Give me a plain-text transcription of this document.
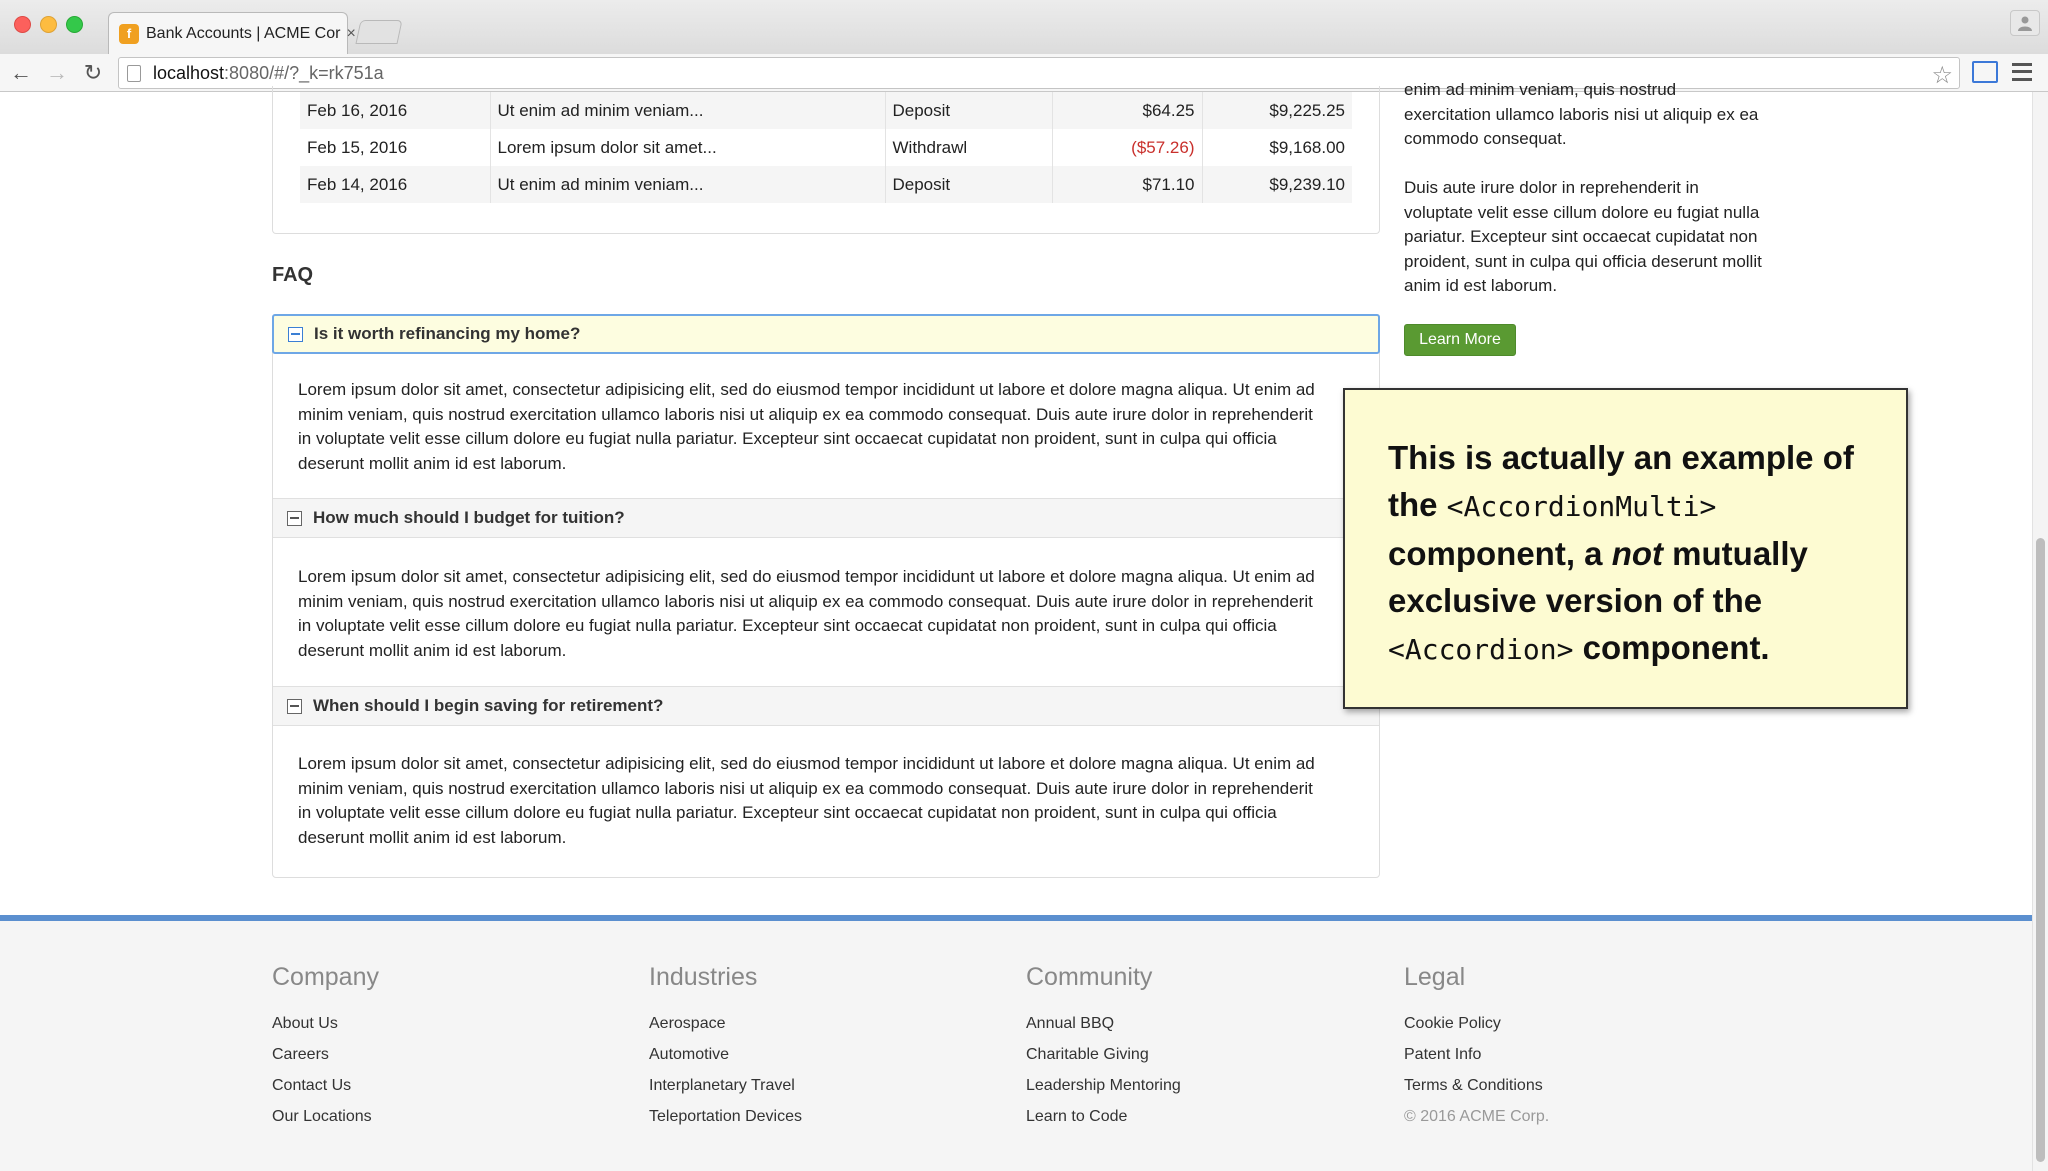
f Bank Accounts | ACME Cor ×
← → ↻	localhost :8080/#/?_k=rk751a	☆
Feb 16, 2016	Ut enim ad minim veniam...	Deposit	$64.25	$9,225.25
Feb 15, 2016	Lorem ipsum dolor sit amet...	Withdrawl	($57.26)	$9,168.00
Feb 14, 2016	Ut enim ad minim veniam...	Deposit	$71.10	$9,239.10
FAQ
Is it worth refinancing my home?
Lorem ipsum dolor sit amet, consectetur adipisicing elit, sed do eiusmod tempor incididunt ut labore et dolore magna aliqua. Ut enim ad minim veniam, quis nostrud exercitation ullamco laboris nisi ut aliquip ex ea commodo consequat. Duis aute irure dolor in reprehenderit in voluptate velit esse cillum dolore eu fugiat nulla pariatur. Excepteur sint occaecat cupidatat non proident, sunt in culpa qui officia deserunt mollit anim id est laborum.
How much should I budget for tuition?
Lorem ipsum dolor sit amet, consectetur adipisicing elit, sed do eiusmod tempor incididunt ut labore et dolore magna aliqua. Ut enim ad minim veniam, quis nostrud exercitation ullamco laboris nisi ut aliquip ex ea commodo consequat. Duis aute irure dolor in reprehenderit in voluptate velit esse cillum dolore eu fugiat nulla pariatur. Excepteur sint occaecat cupidatat non proident, sunt in culpa qui officia deserunt mollit anim id est laborum.
When should I begin saving for retirement?
Lorem ipsum dolor sit amet, consectetur adipisicing elit, sed do eiusmod tempor incididunt ut labore et dolore magna aliqua. Ut enim ad minim veniam, quis nostrud exercitation ullamco laboris nisi ut aliquip ex ea commodo consequat. Duis aute irure dolor in reprehenderit in voluptate velit esse cillum dolore eu fugiat nulla pariatur. Excepteur sint occaecat cupidatat non proident, sunt in culpa qui officia deserunt mollit anim id est laborum.
enim ad minim veniam, quis nostrud exercitation ullamco laboris nisi ut aliquip ex ea commodo consequat.
Duis aute irure dolor in reprehenderit in voluptate velit esse cillum dolore eu fugiat nulla pariatur. Excepteur sint occaecat cupidatat non proident, sunt in culpa qui officia deserunt mollit anim id est laborum.
Learn More
This is actually an example of the <AccordionMulti> component, a not mutually exclusive version of the <Accordion> component.
Company
About Us
Careers
Contact Us
Our Locations
Industries
Aerospace
Automotive
Interplanetary Travel
Teleportation Devices
Community
Annual BBQ
Charitable Giving
Leadership Mentoring
Learn to Code
Legal
Cookie Policy
Patent Info
Terms & Conditions
© 2016 ACME Corp.
